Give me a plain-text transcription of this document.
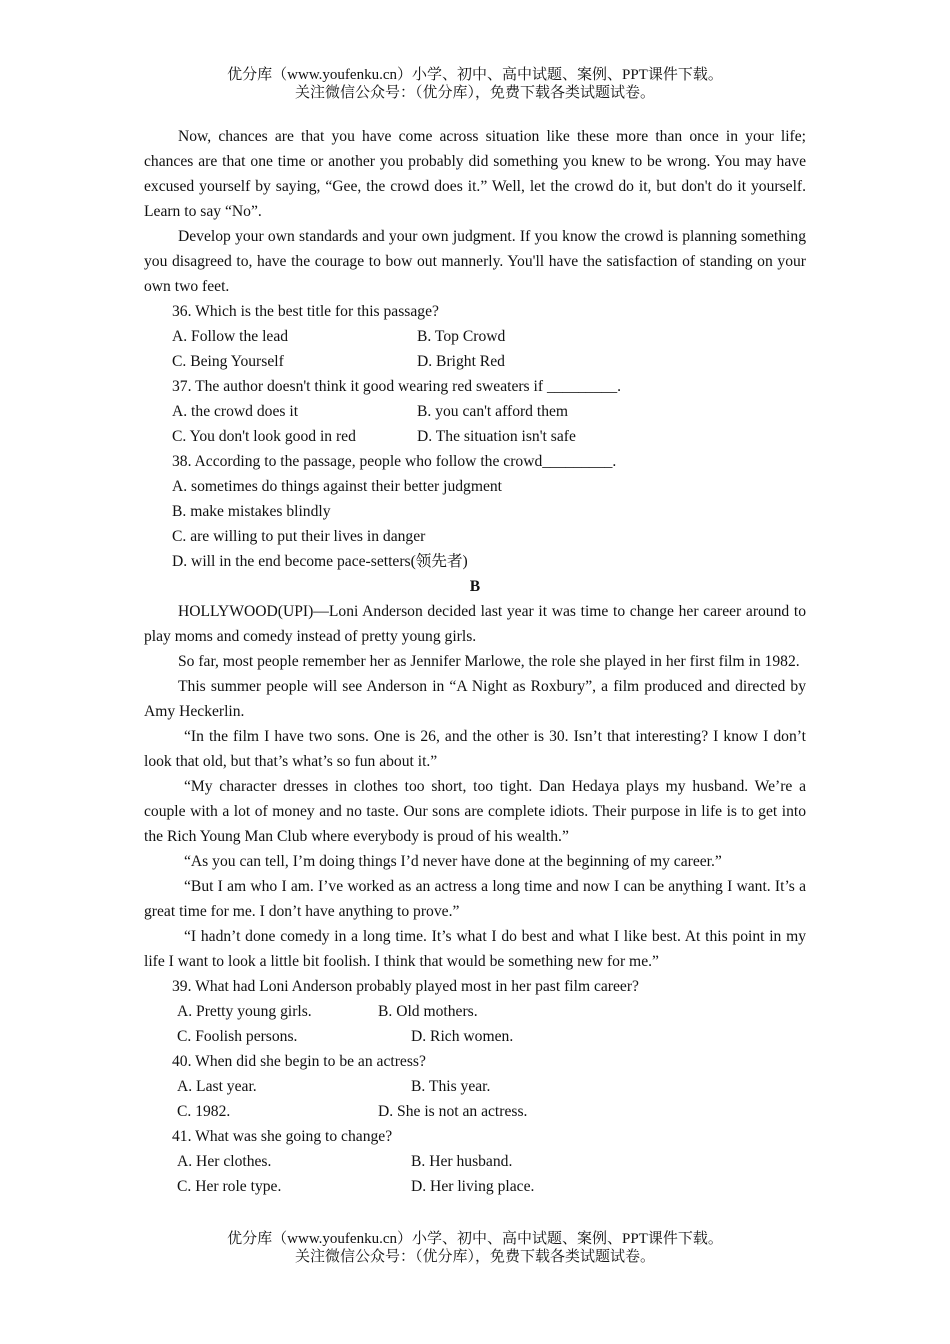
优分库（www.youfenku.cn）小学、初中、高中试题、案例、PPT课件下载。
关注微信公众号：（优分库），免费下载各类试题试卷。

Now, chances are that you have come across situation like these more than once in your life; chances are that one time or another you probably did something you knew to be wrong. You may have excused yourself by saying, “Gee, the crowd does it.” Well, let the crowd do it, but don't do it yourself. Learn to say “No”.

Develop your own standards and your own judgment. If you know the crowd is planning something you disagreed to, have the courage to bow out mannerly. You'll have the satisfaction of standing on your own two feet.

36. Which is the best title for this passage?

A. Follow the lead	B. Top Crowd
C. Being Yourself	D. Bright Red

37. The author doesn't think it good wearing red sweaters if _________.

A. the crowd does it	B. you can't afford them
C. You don't look good in red	D. The situation isn't safe

38. According to the passage, people who follow the crowd_________.

A. sometimes do things against their better judgment

B. make mistakes blindly

C. are willing to put their lives in danger

D. will in the end become pace-setters(领先者)

B

HOLLYWOOD(UPI)—Loni Anderson decided last year it was time to change her career around to play moms and comedy instead of pretty young girls.

So far, most people remember her as Jennifer Marlowe, the role she played in her first film in 1982.

This summer people will see Anderson in “A Night as Roxbury”, a film produced and directed by Amy Heckerlin.

“In the film I have two sons. One is 26, and the other is 30. Isn’t that interesting? I know I don’t look that old, but that’s what’s so fun about it.”

“My character dresses in clothes too short, too tight. Dan Hedaya plays my husband. We’re a couple with a lot of money and no taste. Our sons are complete idiots. Their purpose in life is to get into the Rich Young Man Club where everybody is proud of his wealth.”

“As you can tell, I’m doing things I’d never have done at the beginning of my career.”

“But I am who I am. I’ve worked as an actress a long time and now I can be anything I want. It’s a great time for me. I don’t have anything to prove.”

“I hadn’t done comedy in a long time. It’s what I do best and what I like best. At this point in my life I want to look a little bit foolish. I think that would be something new for me.”

39. What had Loni Anderson probably played most in her past film career?

A. Pretty young girls.	B. Old mothers.
C. Foolish persons.	D. Rich women.

40. When did she begin to be an actress?

A. Last year.	B. This year.
C. 1982.	D. She is not an actress.

41. What was she going to change?

A. Her clothes.	B. Her husband.
C. Her role type.	D. Her living place.
优分库（www.youfenku.cn）小学、初中、高中试题、案例、PPT课件下载。
关注微信公众号：（优分库），免费下载各类试题试卷。
